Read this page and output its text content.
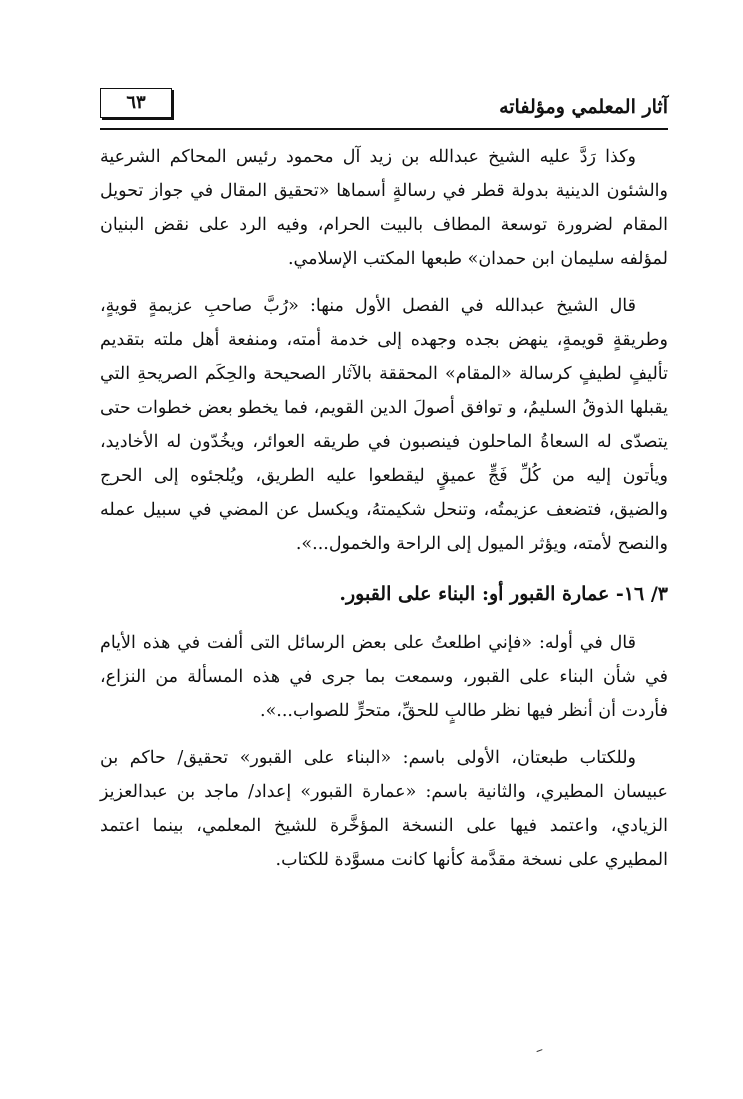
آثار المعلمي ومؤلفاته
٦٣

وكذا رَدَّ عليه الشيخ عبدالله بن زيد آل محمود رئيس المحاكم الشرعية والشئون الدينية بدولة قطر في رسالةٍ أسماها «تحقيق المقال في جواز تحويل المقام لضرورة توسعة المطاف بالبيت الحرام، وفيه الرد على نقض البنيان لمؤلفه سليمان ابن حمدان» طبعها المكتب الإسلامي.

قال الشيخ عبدالله في الفصل الأول منها: «رُبَّ صاحبِ عزيمةٍ قويةٍ، وطريقةٍ قويمةٍ، ينهض بجده وجهده إلى خدمة أمته، ومنفعة أهل ملته بتقديم تأليفٍ لطيفٍ كرسالة «المقام» المحققة بالآثار الصحيحة والحِكَم الصريحةِ التي يقبلها الذوقُ السليمُ، و توافق أصولَ الدين القويم، فما يخطو بعض خطوات حتى يتصدّى له السعاةُ الماحلون فينصبون في طريقه العوائر، ويخُدّون له الأخاديد، ويأتون إليه من كُلِّ فَجٍّ عميقٍ ليقطعوا عليه الطريق، ويُلجئوه إلى الحرج والضيق، فتضعف عزيمتُه، وتنحل شكيمتهُ، ويكسل عن المضي في سبيل عمله والنصح لأمته، ويؤثر الميول إلى الراحة والخمول...».

٣/ ١٦- عمارة القبور أو: البناء على القبور.

قال في أوله: «فإني اطلعتُ على بعض الرسائل التى ألفت في هذه الأيام في شأن البناء على القبور، وسمعت بما جرى في هذه المسألة من النزاع، فأردت أن أنظر فيها نظر طالبٍ للحقِّ، متحرٍّ للصواب...».

وللكتاب طبعتان، الأولى باسم: «البناء على القبور» تحقيق/ حاكم بن عبيسان المطيري، والثانية باسم: «عمارة القبور» إعداد/ ماجد بن عبدالعزيز الزيادي، واعتمد فيها على النسخة المؤخَّرة للشيخ المعلمي، بينما اعتمد المطيري على نسخة مقدَّمة كأنها كانت مسوَّدة للكتاب.
